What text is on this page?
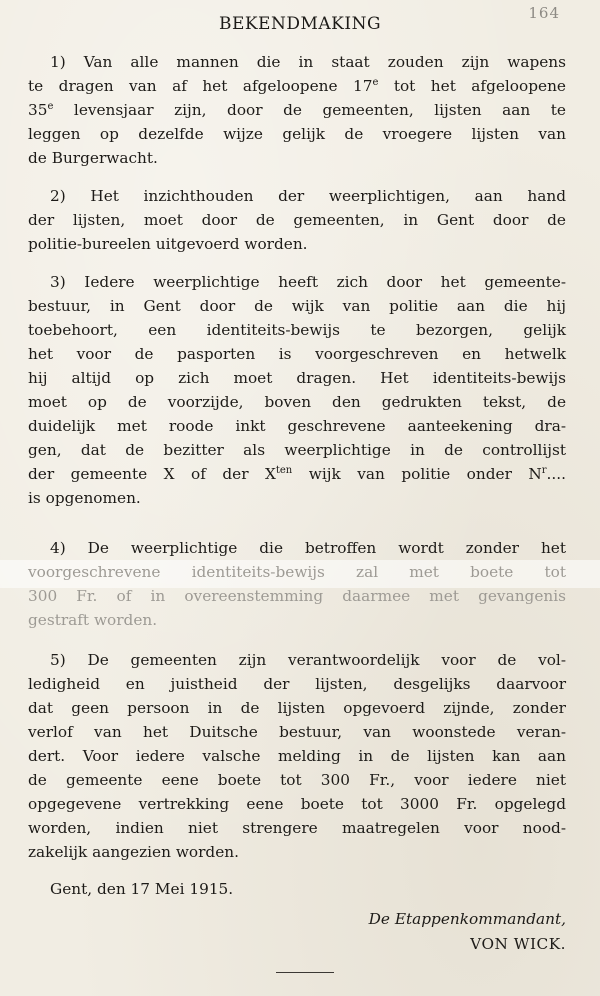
164
BEKENDMAKING
1) Van alle mannen die in staat zouden zijn wapens
te dragen van af het afgeloopene 17e tot het afgeloopene
35e levensjaar zijn, door de gemeenten, lijsten aan te
leggen op dezelfde wijze gelijk de vroegere lijsten van
de Burgerwacht.
2) Het inzichthouden der weerplichtigen, aan hand
der lijsten, moet door de gemeenten, in Gent door de
politie-bureelen uitgevoerd worden.
3) Iedere weerplichtige heeft zich door het gemeente-
bestuur, in Gent door de wijk van politie aan die hij
toebehoort, een identiteits-bewijs te bezorgen, gelijk
het voor de pasporten is voorgeschreven en hetwelk
hij altijd op zich moet dragen. Het identiteits-bewijs
moet op de voorzijde, boven den gedrukten tekst, de
duidelijk met roode inkt geschrevene aanteekening dra-
gen, dat de bezitter als weerplichtige in de controllijst
der gemeente X of der $X^{ten}$ wijk van politie onder $N^r$....
is opgenomen.
4) De weerplichtige die betroffen wordt zonder het
voorgeschrevene identiteits-bewijs zal met boete tot
300 Fr. of in overeenstemming daarmee met gevangenis
gestraft worden.
5) De gemeenten zijn verantwoordelijk voor de vol-
ledigheid en juistheid der lijsten, desgelijks daarvoor
dat geen persoon in de lijsten opgevoerd zijnde, zonder
verlof van het Duitsche bestuur, van woonstede veran-
dert. Voor iedere valsche melding in de lijsten kan aan
de gemeente eene boete tot 300 Fr., voor iedere niet
opgegevene vertrekking eene boete tot 3000 Fr. opgelegd
worden, indien niet strengere maatregelen voor nood-
zakelijk aangezien worden.
Gent, den 17 Mei 1915.
De Etappenkommandant,
VON WICK.
